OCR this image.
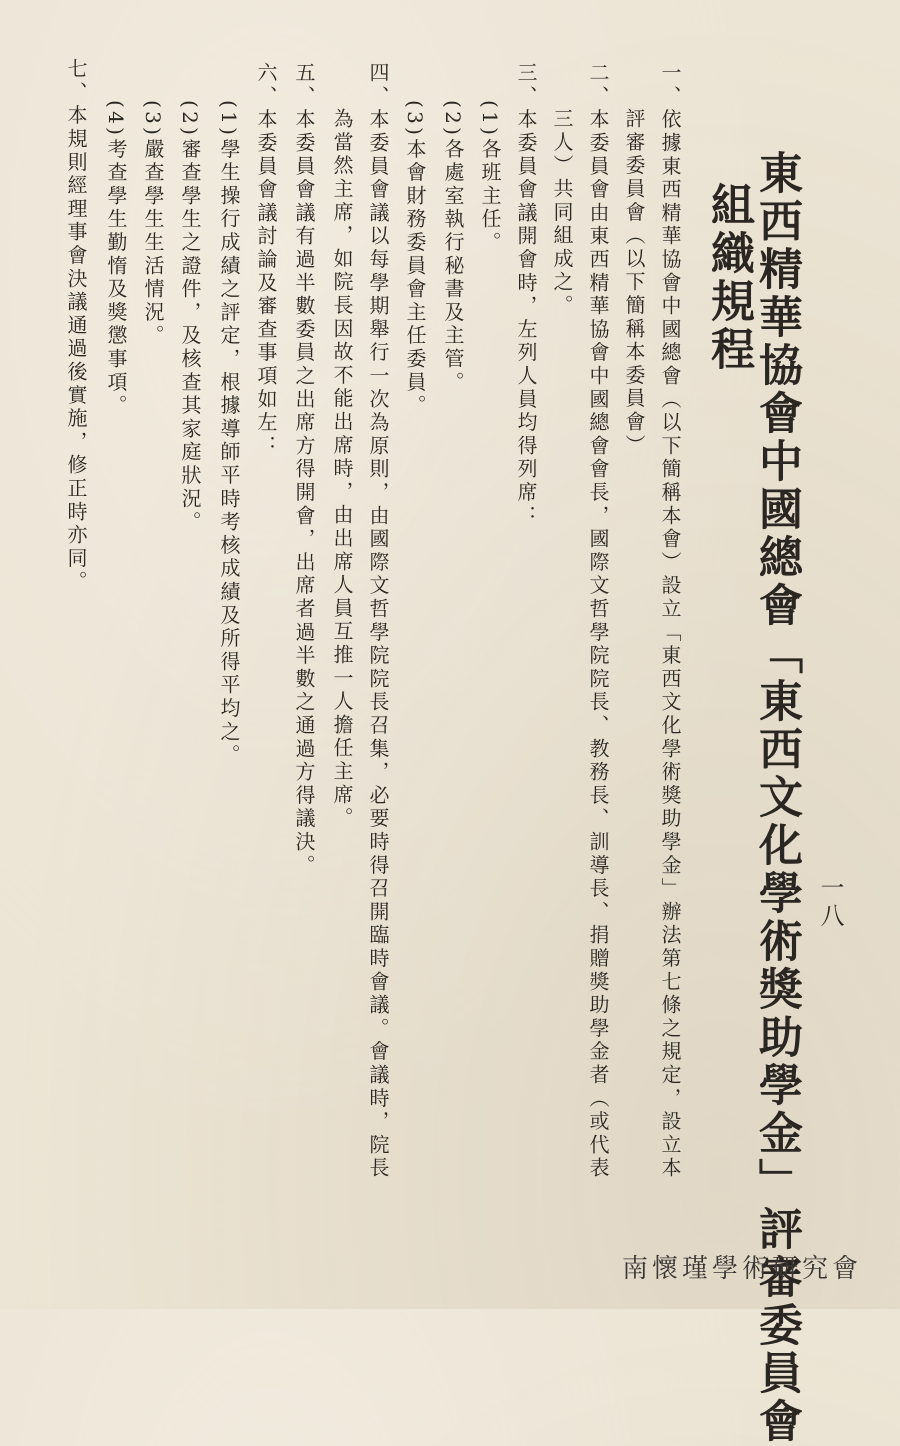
東西精華協會中國總會「東西文化學術獎助學金」評審委員會
組織規程
一八
一、依據東西精華協會中國總會（以下簡稱本會）設立「東西文化學術獎助學金」辦法第七條之規定，設立本
評審委員會（以下簡稱本委員會）
二、本委員會由東西精華協會中國總會會長，國際文哲學院院長、教務長、訓導長、捐贈獎助學金者（或代表
三人）共同組成之。
三、本委員會議開會時，左列人員均得列席：
(1)各班主任。
(2)各處室執行秘書及主管。
(3)本會財務委員會主任委員。
四、本委員會議以每學期舉行一次為原則，由國際文哲學院院長召集，必要時得召開臨時會議。會議時，院長
為當然主席，如院長因故不能出席時，由出席人員互推一人擔任主席。
五、本委員會議有過半數委員之出席方得開會，出席者過半數之通過方得議決。
六、本委員會議討論及審查事項如左：
(1)學生操行成績之評定，根據導師平時考核成績及所得平均之。
(2)審查學生之證件，及核查其家庭狀況。
(3)嚴查學生生活情況。
(4)考查學生勤惰及獎懲事項。
七、本規則經理事會決議通過後實施，修正時亦同。
南懷瑾學術研究會
